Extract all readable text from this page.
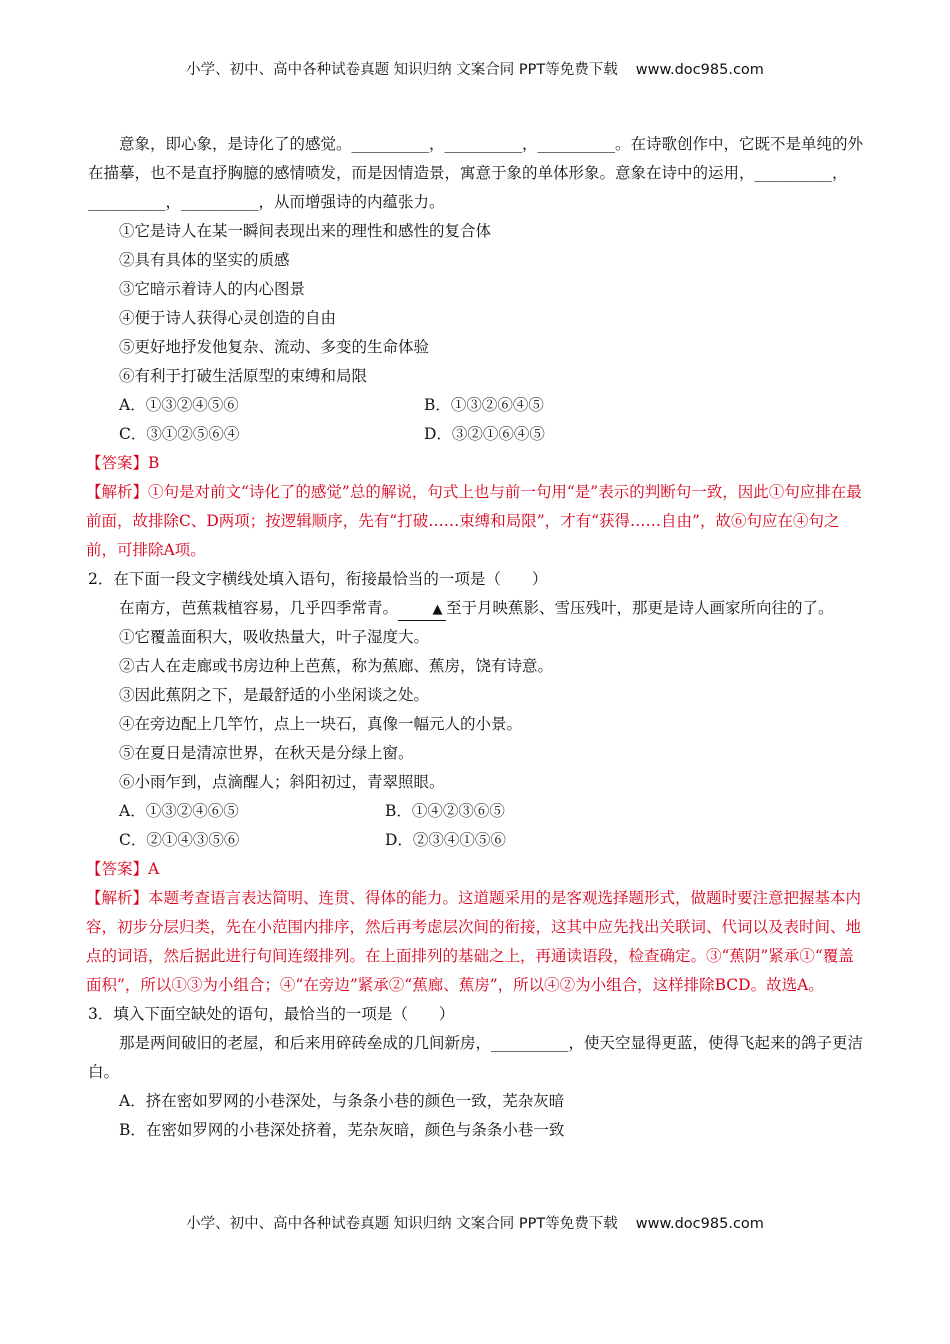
小学、初中、高中各种试卷真题 知识归纳 文案合同 PPT等免费下载 www.doc985.com

意象，即心象，是诗化了的感觉。__________，__________，__________。在诗歌创作中，它既不是单纯的外在描摹，也不是直抒胸臆的感情喷发，而是因情造景，寓意于象的单体形象。意象在诗中的运用，__________，__________，__________，从而增强诗的内蕴张力。

①它是诗人在某一瞬间表现出来的理性和感性的复合体

②具有具体的坚实的质感

③它暗示着诗人的内心图景

④便于诗人获得心灵创造的自由

⑤更好地抒发他复杂、流动、多变的生命体验

⑥有利于打破生活原型的束缚和局限

A．①③②④⑤⑥	B．①③②⑥④⑤
C．③①②⑤⑥④	D．③②①⑥④⑤

【答案】B

【解析】①句是对前文“诗化了的感觉”总的解说，句式上也与前一句用“是”表示的判断句一致，因此①句应排在最前面，故排除C、D两项；按逻辑顺序，先有“打破……束缚和局限”，才有“获得……自由”，故⑥句应在④句之前，可排除A项。

2．在下面一段文字横线处填入语句，衔接最恰当的一项是（　　）

在南方，芭蕉栽植容易，几乎四季常青。	▲ 至于月映蕉影、雪压残叶，那更是诗人画家所向往的了。

①它覆盖面积大，吸收热量大，叶子湿度大。

②古人在走廊或书房边种上芭蕉，称为蕉廊、蕉房，饶有诗意。

③因此蕉阴之下，是最舒适的小坐闲谈之处。

④在旁边配上几竿竹，点上一块石，真像一幅元人的小景。

⑤在夏日是清凉世界，在秋天是分绿上窗。

⑥小雨乍到，点滴醒人；斜阳初过，青翠照眼。

A．①③②④⑥⑤	B．①④②③⑥⑤
C．②①④③⑤⑥	D．②③④①⑤⑥

【答案】A

【解析】本题考查语言表达简明、连贯、得体的能力。这道题采用的是客观选择题形式，做题时要注意把握基本内容，初步分层归类，先在小范围内排序，然后再考虑层次间的衔接，这其中应先找出关联词、代词以及表时间、地点的词语，然后据此进行句间连缀排列。在上面排列的基础之上，再通读语段，检查确定。③“蕉阴”紧承①“覆盖面积”，所以①③为小组合；④“在旁边”紧承②“蕉廊、蕉房”，所以④②为小组合，这样排除BCD。故选A。

3．填入下面空缺处的语句，最恰当的一项是（　　）

那是两间破旧的老屋，和后来用碎砖垒成的几间新房，__________，使天空显得更蓝，使得飞起来的鸽子更洁白。

A．挤在密如罗网的小巷深处，与条条小巷的颜色一致，芜杂灰暗

B．在密如罗网的小巷深处挤着，芜杂灰暗，颜色与条条小巷一致

小学、初中、高中各种试卷真题 知识归纳 文案合同 PPT等免费下载 www.doc985.com
